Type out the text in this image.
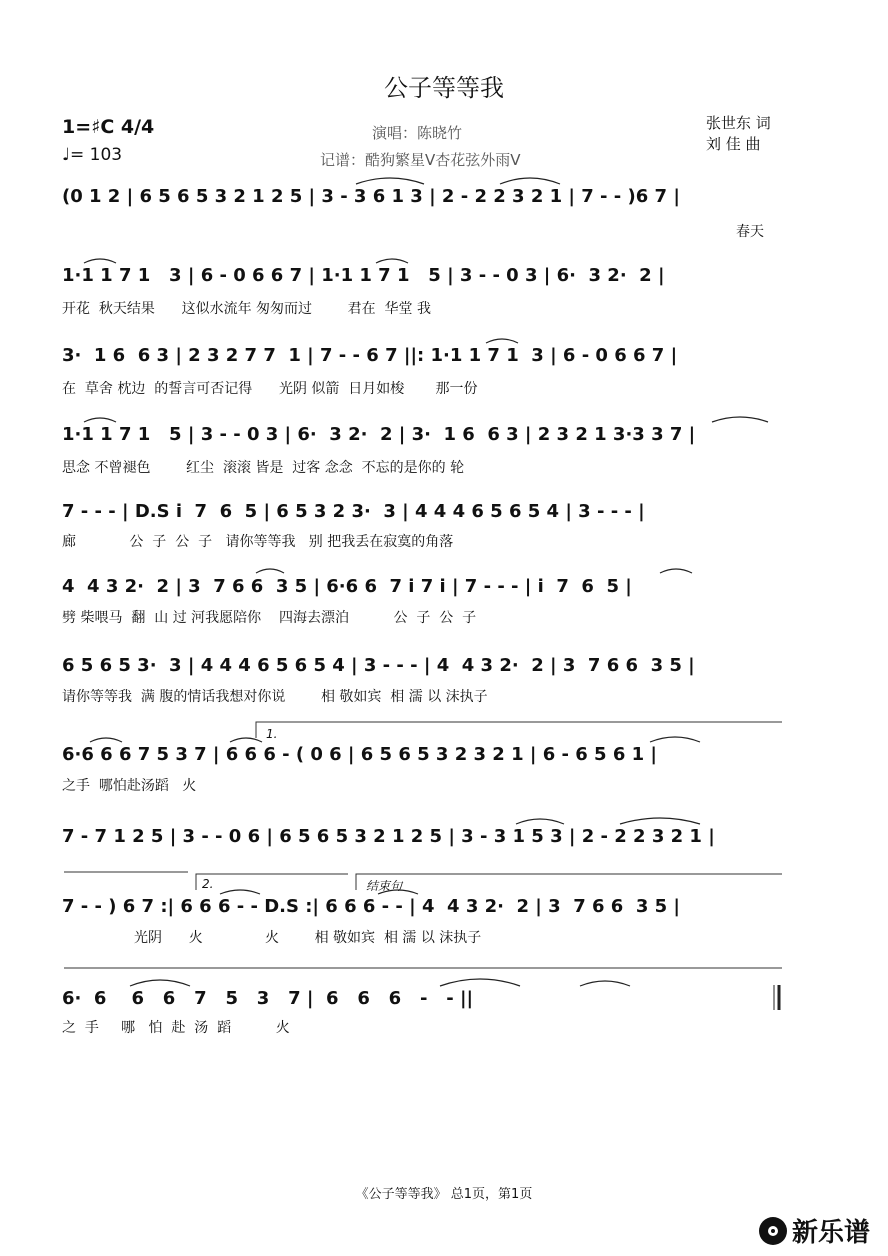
公子等等我
1=♯C 4/4
♩= 103
演唱：陈晓竹
记谱：酷狗繁星V杏花弦外雨V
张世东 词
刘 佳 曲
(0 1 2 | 6 5 6 5 3 2 1 2 5 | 3 - 3 6 1 3 | 2 - 2 2 3 2 1 | 7 - - )6 7 |
春天
1·1 1 7 1   3 | 6 - 0 6 6 7 | 1·1 1 7 1   5 | 3 - - 0 3 | 6·  3 2·  2 |
开花  秋天结果      这似水流年 匆匆而过        君在  华堂 我
3·  1 6  6 3 | 2 3 2 7 7  1 | 7 - - 6 7 ||: 1·1 1 7 1  3 | 6 - 0 6 6 7 |
在  草舍 枕边  的誓言可否记得      光阴 似箭  日月如梭       那一份
1·1 1 7 1   5 | 3 - - 0 3 | 6·  3 2·  2 | 3·  1 6  6 3 | 2 3 2 1 3·3 3 7 |
思念 不曾褪色        红尘  滚滚 皆是  过客 念念  不忘的是你的 轮
7 - - - | D.S i  7  6  5 | 6 5 3 2 3·  3 | 4 4 4 6 5 6 5 4 | 3 - - - |
廊            公  子  公  子   请你等等我   别 把我丢在寂寞的角落
4  4 3 2·  2 | 3  7 6 6  3 5 | 6·6 6  7 i 7 i | 7 - - - | i  7  6  5 |
劈 柴喂马  翻  山 过 河我愿陪你    四海去漂泊          公  子  公  子
6 5 6 5 3·  3 | 4 4 4 6 5 6 5 4 | 3 - - - | 4  4 3 2·  2 | 3  7 6 6  3 5 |
请你等等我  满 腹的情话我想对你说        相 敬如宾  相 濡 以 沫执子
1.
6·6 6 6 7 5 3 7 | 6 6 6 - ( 0 6 | 6 5 6 5 3 2 3 2 1 | 6 - 6 5 6 1 |
之手  哪怕赴汤蹈   火
7 - 7 1 2 5 | 3 - - 0 6 | 6 5 6 5 3 2 1 2 5 | 3 - 3 1 5 3 | 2 - 2 2 3 2 1 |
2.	结束句
7 - - ) 6 7 :| 6 6 6 - - D.S :| 6 6 6 - - | 4  4 3 2·  2 | 3  7 6 6  3 5 |
光阴      火              火        相 敬如宾  相 濡 以 沫执子
6·  6    6   6   7   5   3   7 |  6   6   6   -   - ||
之  手     哪   怕  赴  汤  蹈          火
《公子等等我》 总1页，第1页
新乐谱
